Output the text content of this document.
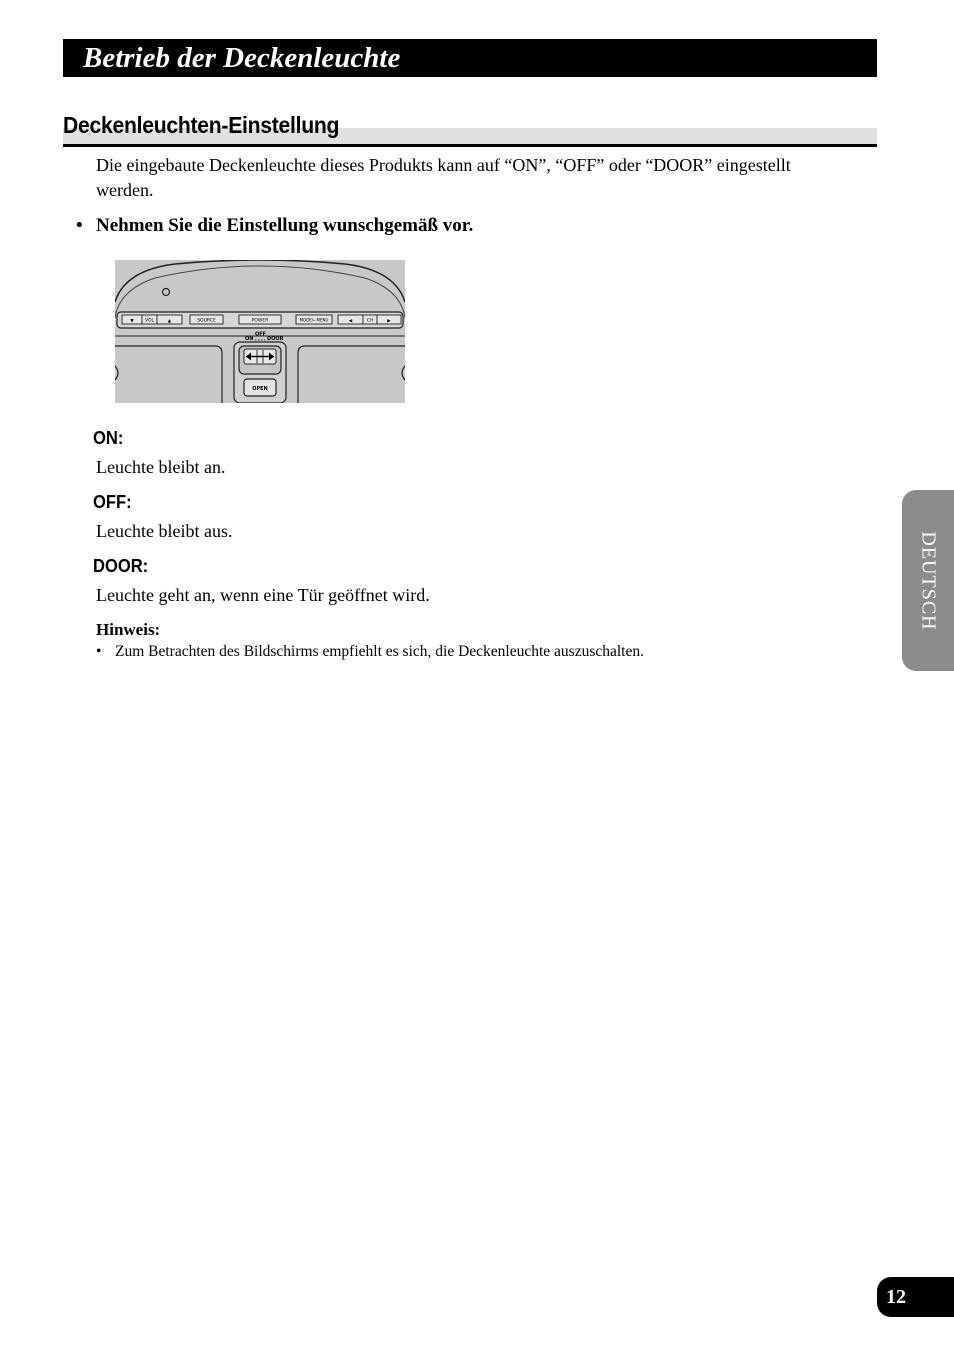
Betrieb der Deckenleuchte
Deckenleuchten-Einstellung
Die eingebaute Deckenleuchte dieses Produkts kann auf “ON”, “OFF” oder “DOOR” eingestellt werden.
• Nehmen Sie die Einstellung wunschgemäß vor.
▼ VOL	▲	SOURCE	POWER	MODE/←MENU	◀	CH	▶
ON
OFF
DOOR
OPEN
ON:
Leuchte bleibt an.
OFF:
Leuchte bleibt aus.
DOOR:
Leuchte geht an, wenn eine Tür geöffnet wird.
Hinweis:
• Zum Betrachten des Bildschirms empfiehlt es sich, die Deckenleuchte auszuschalten.
DEUTSCH
12
